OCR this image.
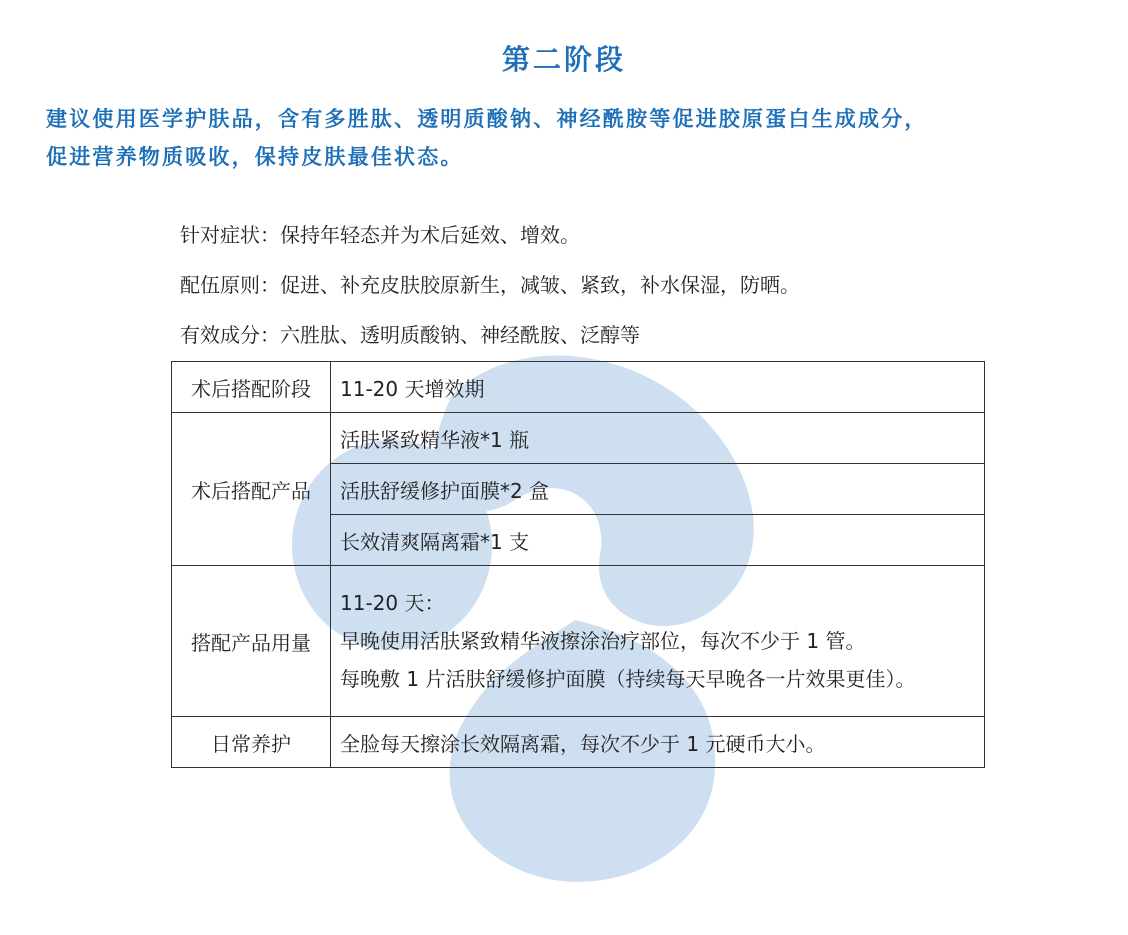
第二阶段
建议使用医学护肤品，含有多胜肽、透明质酸钠、神经酰胺等促进胶原蛋白生成成分，
促进营养物质吸收，保持皮肤最佳状态。
针对症状：保持年轻态并为术后延效、增效。
配伍原则：促进、补充皮肤胶原新生，减皱、紧致，补水保湿，防晒。
有效成分：六胜肽、透明质酸钠、神经酰胺、泛醇等
术后搭配阶段	11-20 天增效期
术后搭配产品	活肤紧致精华液*1 瓶
	活肤舒缓修护面膜*2 盒
	长效清爽隔离霜*1 支
搭配产品用量	11-20 天：
早晚使用活肤紧致精华液擦涂治疗部位，每次不少于 1 管。
每晚敷 1 片活肤舒缓修护面膜（持续每天早晚各一片效果更佳）。

日常养护	全脸每天擦涂长效隔离霜，每次不少于 1 元硬币大小。
